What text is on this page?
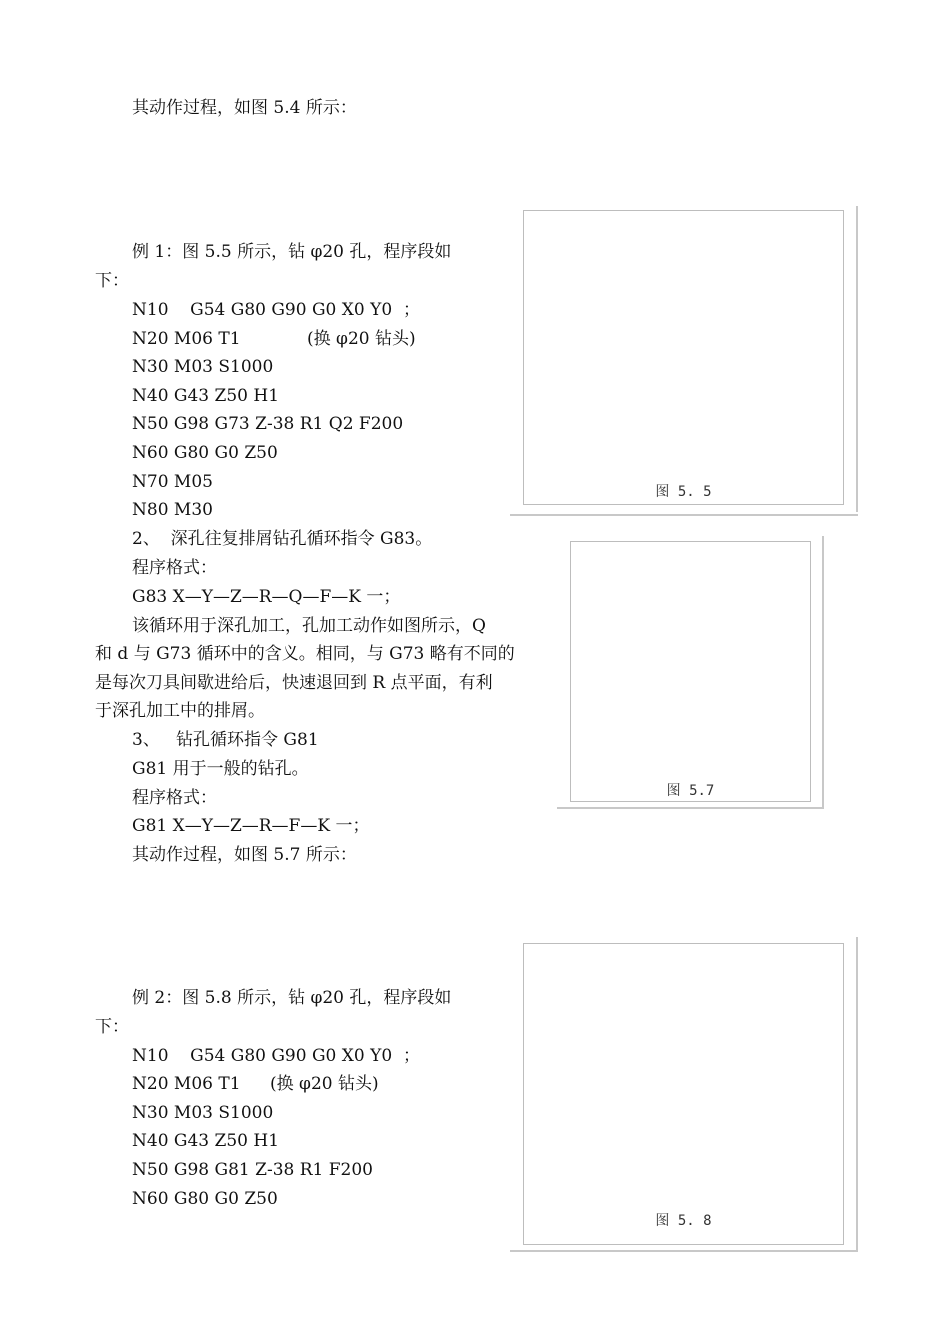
其动作过程，如图 5.4 所示：
例 1：图 5.5 所示，钻 φ20 孔，程序段如
下：
N10    G54 G80 G90 G0 X0 Y0  ；
N20 M06 T1	(换 φ20 钻头)
N30 M03 S1000
N40 G43 Z50 H1
N50 G98 G73 Z-38 R1 Q2 F200
N60 G80 G0 Z50
N70 M05
N80 M30
2、  深孔往复排屑钻孔循环指令 G83。
程序格式：
G83 X—Y—Z—R—Q—F—K 一；
该循环用于深孔加工，孔加工动作如图所示，Q
和 d 与 G73 循环中的含义。相同，与 G73 略有不同的
是每次刀具间歇进给后，快速退回到 R 点平面，有利
于深孔加工中的排屑。
3、   钻孔循环指令 G81
G81 用于一般的钻孔。
程序格式：
G81 X—Y—Z—R—F—K 一；
其动作过程，如图 5.7 所示：
例 2：图 5.8 所示，钻 φ20 孔，程序段如
下：
N10    G54 G80 G90 G0 X0 Y0  ；
N20 M06 T1 (换 φ20 钻头)
N30 M03 S1000
N40 G43 Z50 H1
N50 G98 G81 Z-38 R1 F200
N60 G80 G0 Z50
图 5. 5
图 5.7
图 5. 8
